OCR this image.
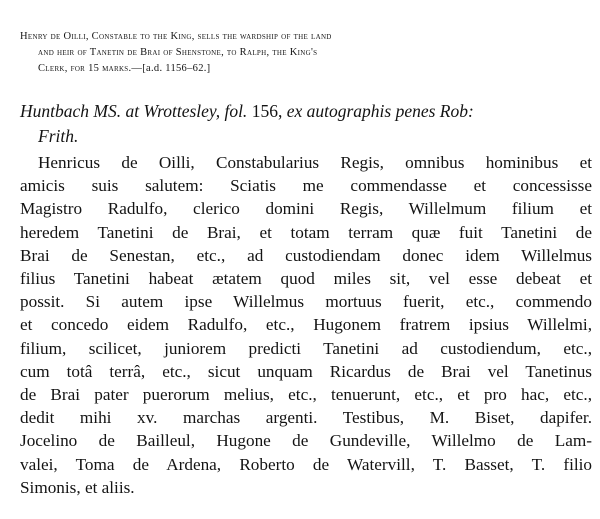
Henry de Oilli, Constable to the King, sells the wardship of the land
and heir of Tanetin de Brai of Shenstone, to Ralph, the King's
Clerk, for 15 marks.—[a.d. 1156–62.]

Huntbach MS. at Wrottesley, fol. 156, ex autographis penes Rob:
Frith.

Henricus de Oilli, Constabularius Regis, omnibus hominibus et
amicis suis salutem: Sciatis me commendasse et concessisse
Magistro Radulfo, clerico domini Regis, Willelmum filium et
heredem Tanetini de Brai, et totam terram quæ fuit Tanetini de
Brai de Senestan, etc., ad custodiendam donec idem Willelmus
filius Tanetini habeat ætatem quod miles sit, vel esse debeat et
possit. Si autem ipse Willelmus mortuus fuerit, etc., commendo
et concedo eidem Radulfo, etc., Hugonem fratrem ipsius Willelmi,
filium, scilicet, juniorem predicti Tanetini ad custodiendum, etc.,
cum totâ terrâ, etc., sicut unquam Ricardus de Brai vel Tanetinus
de Brai pater puerorum melius, etc., tenuerunt, etc., et pro hac, etc.,
dedit mihi xv. marchas argenti. Testibus, M. Biset, dapifer.
Jocelino de Bailleul, Hugone de Gundeville, Willelmo de Lam-
valei, Toma de Ardena, Roberto de Watervill, T. Basset, T. filio
Simonis, et aliis.
